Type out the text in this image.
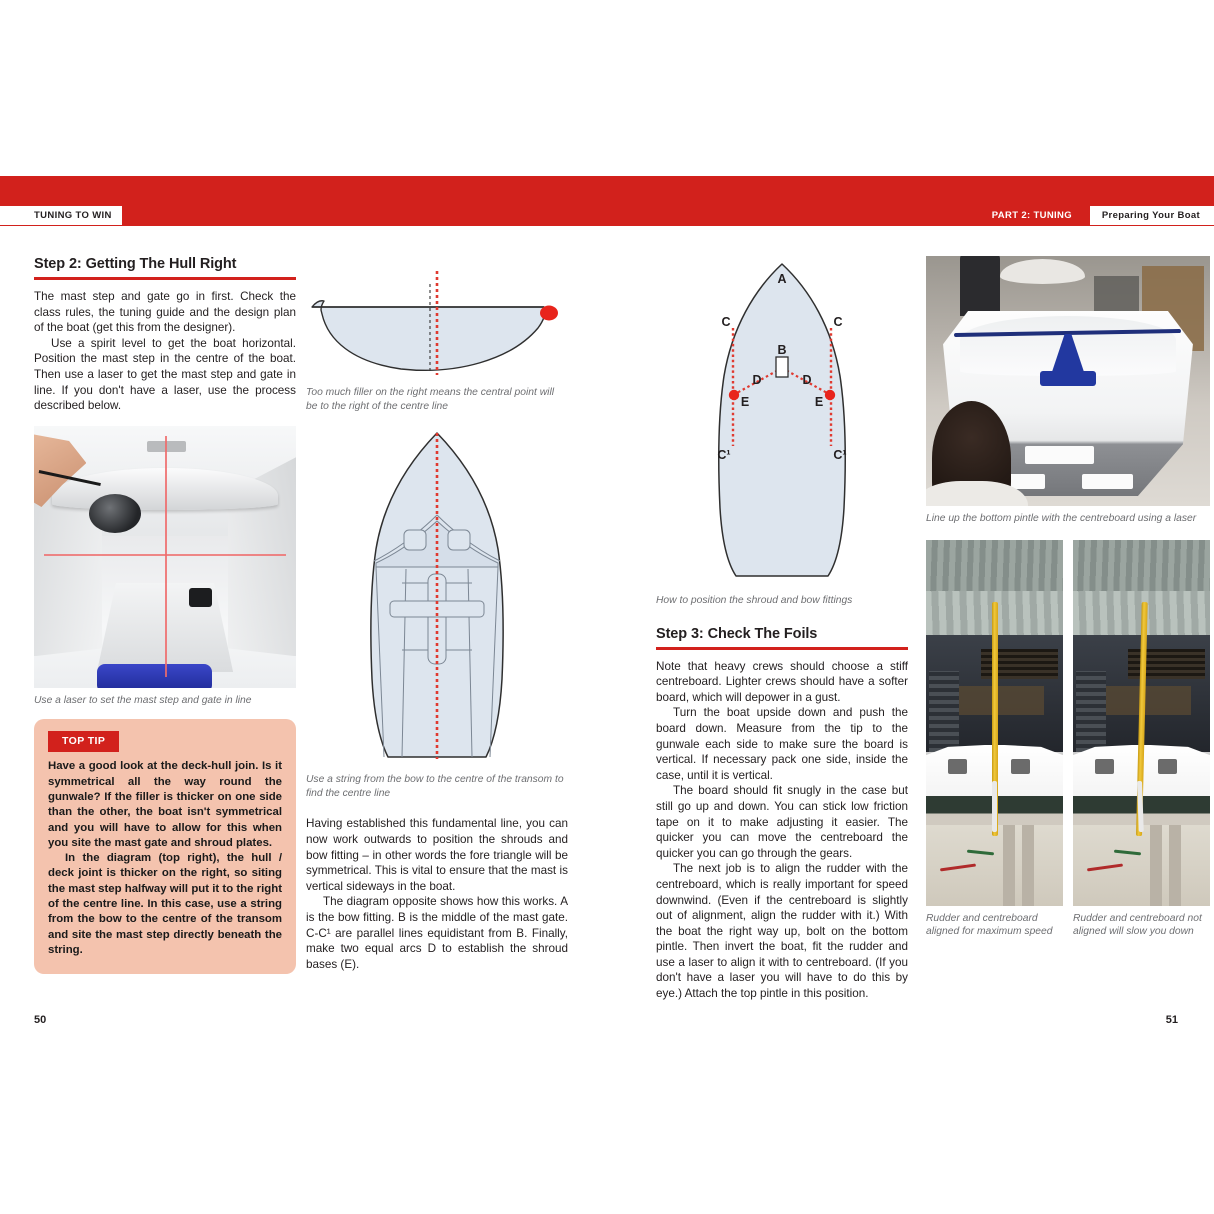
TUNING TO WIN	PART 2: TUNING	Preparing Your Boat
Step 2: Getting The Hull Right

The mast step and gate go in first. Check the class rules, the tuning guide and the design plan of the boat (get this from the designer).

Use a spirit level to get the boat horizontal. Position the mast step in the centre of the boat. Then use a laser to get the mast step and gate in line. If you don't have a laser, use the process described below.

Use a laser to set the mast step and gate in line
TOP TIP

Have a good look at the deck-hull join. Is it symmetrical all the way round the gunwale? If the filler is thicker on one side than the other, the boat isn't symmetrical and you will have to allow for this when you site the mast gate and shroud plates.

In the diagram (top right), the hull / deck joint is thicker on the right, so siting the mast step halfway will put it to the right of the centre line. In this case, use a string from the bow to the centre of the transom and site the mast step directly beneath the string.

Too much filler on the right means the central point will be to the right of the centre line
Use a string from the bow to the centre of the transom to find the centre line

Having established this fundamental line, you can now work outwards to position the shrouds and bow fitting – in other words the fore triangle will be symmetrical. This is vital to ensure that the mast is vertical sideways in the boat.

The diagram opposite shows how this works. A is the bow fitting. B is the middle of the mast gate. C-C¹ are parallel lines equidistant from B. Finally, make two equal arcs D to establish the shroud bases (E).

A
B
C	C
C¹	C¹
D	D
E	E
How to position the shroud and bow fittings
Step 3: Check The Foils

Note that heavy crews should choose a stiff centreboard. Lighter crews should have a softer board, which will depower in a gust.

Turn the boat upside down and push the board down. Measure from the tip to the gunwale each side to make sure the board is vertical. If necessary pack one side, inside the case, until it is vertical.

The board should fit snugly in the case but still go up and down. You can stick low friction tape on it to make adjusting it easier. The quicker you can move the centreboard the quicker you can go through the gears.

The next job is to align the rudder with the centreboard, which is really important for speed downwind. (Even if the centreboard is slightly out of alignment, align the rudder with it.) With the boat the right way up, bolt on the bottom pintle. Then invert the boat, fit the rudder and use a laser to align it with to centreboard. (If you don't have a laser you will have to do this by eye.) Attach the top pintle in this position.

Line up the bottom pintle with the centreboard using a laser
Rudder and centreboard aligned for maximum speed
Rudder and centreboard not aligned will slow you down
50	51
